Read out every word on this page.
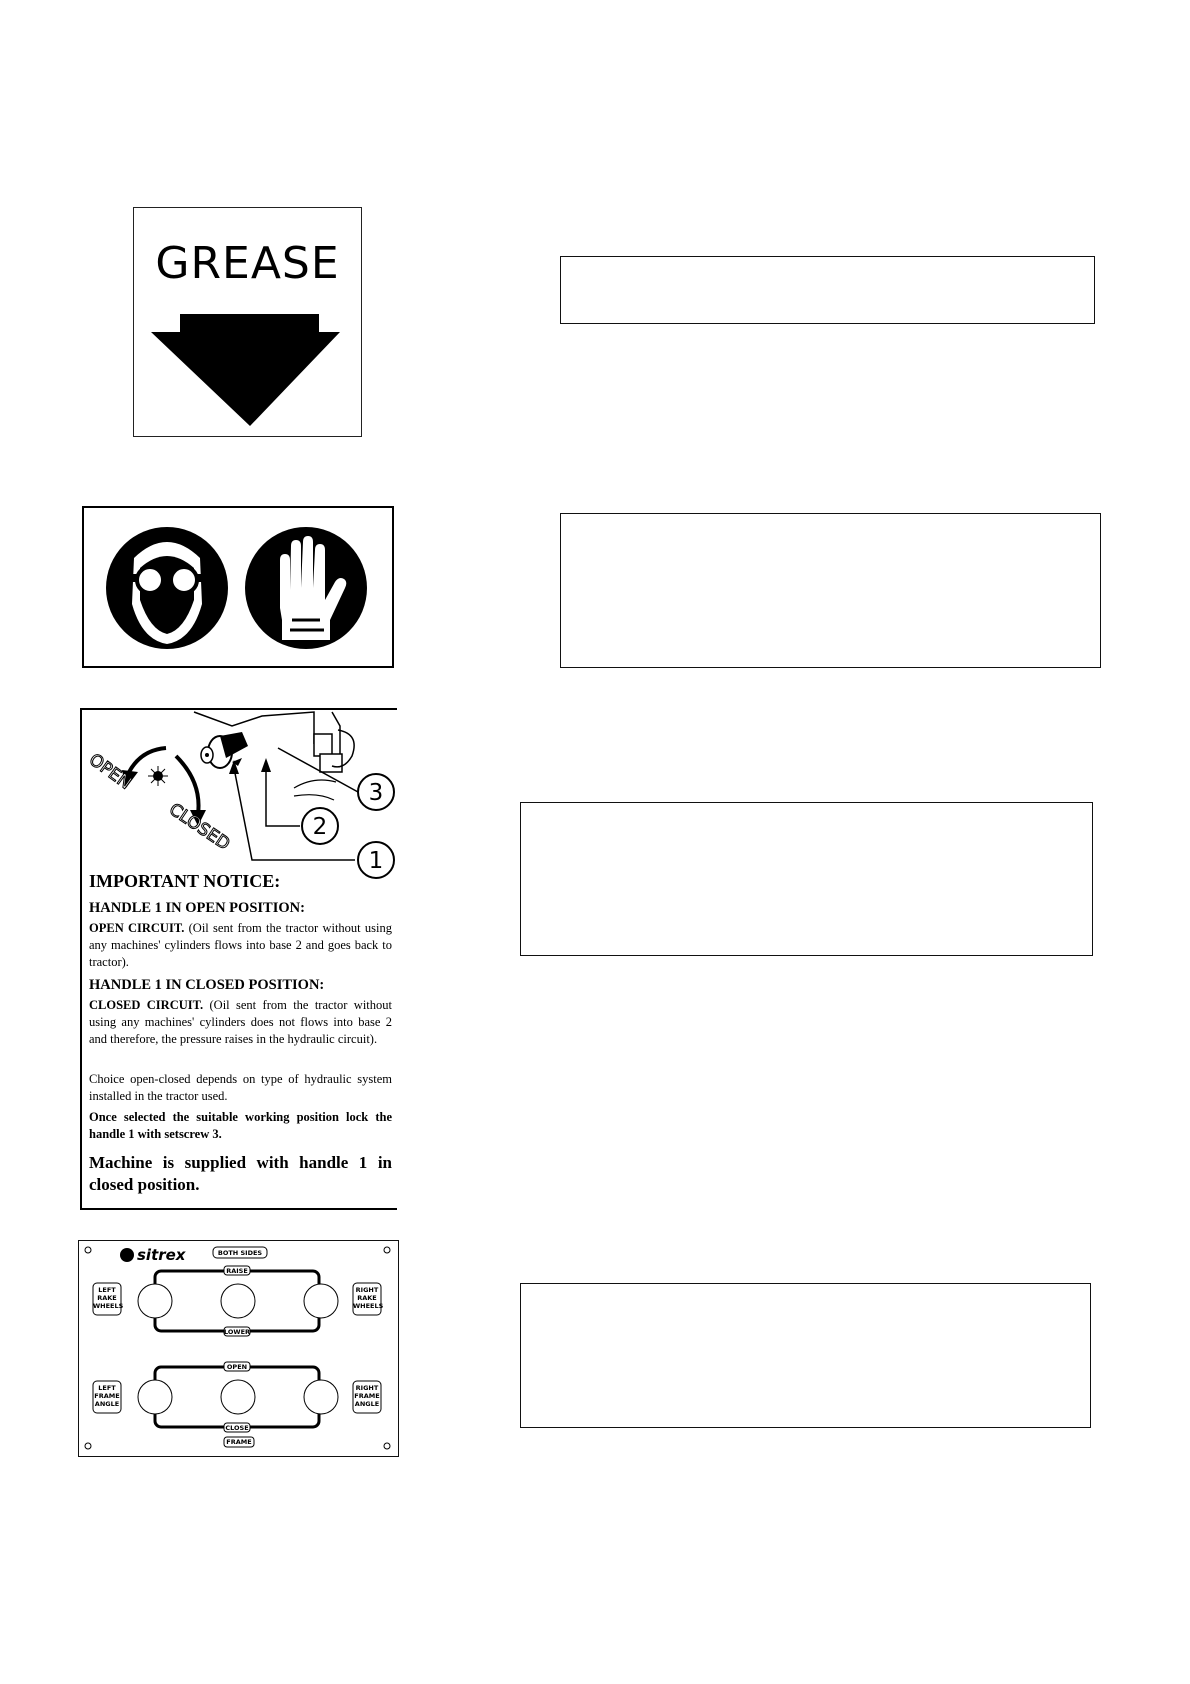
GREASE
3
2
1
OPEN
CLOSED
IMPORTANT NOTICE:
HANDLE 1 IN OPEN POSITION:
OPEN CIRCUIT. (Oil sent from the tractor without using any machines' cylinders flows into base 2 and goes back to tractor).
HANDLE 1 IN CLOSED POSITION:
CLOSED CIRCUIT. (Oil sent from the tractor without using any machines' cylinders does not flows into base 2 and therefore, the pressure raises in the hydraulic circuit).
Choice open-closed depends on type of hydraulic system installed in the tractor used.
Once selected the suitable working position lock the handle 1 with setscrew 3.
Machine is supplied with handle 1 in closed position.
sitrex	BOTH SIDES
RAISE
LOWER
OPEN
CLOSE
FRAME
LEFT
RAKE
WHEELS
RIGHT
RAKE
WHEELS
LEFT
FRAME
ANGLE
RIGHT
FRAME
ANGLE
